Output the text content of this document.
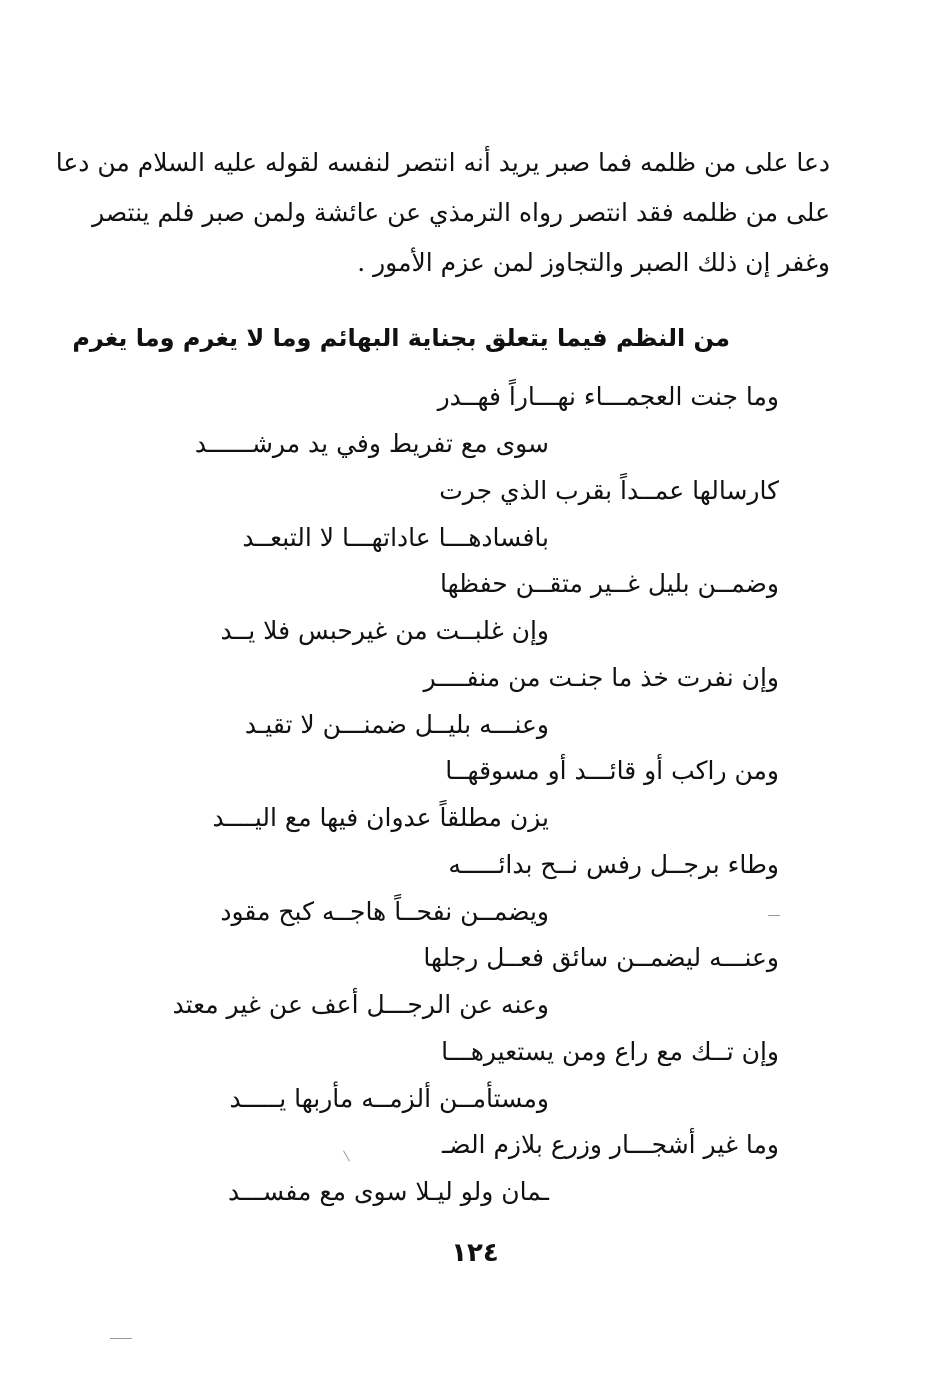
دعا على من ظلمه فما صبر يريد أنه انتصر لنفسه لقوله عليه السلام من دعا
على من ظلمه فقد انتصر رواه الترمذي عن عائشة ولمن صبر فلم ينتصر
وغفر إن ذلك الصبر والتجاوز لمن عزم الأمور .
من النظم فيما يتعلق بجناية البهائم وما لا يغرم وما يغرم
وما جنت العجمـــاء نهـــاراً فهــدر
سوى مع تفريط وفي يد مرشــــــد
كارسالها عمــداً بقرب الذي جرت
بافسادهـــا عاداتهـــا لا التبعــد
وضمــن بليل غــير متقــن حفظها
وإن غلبــت من غيرحبس فلا يــد
وإن نفرت خذ ما جنـت من منفــــر
وعنـــه بليــل ضمنـــن لا تقيـد
ومن راكب أو قائـــد أو مسوقهــا
يزن مطلقاً عدوان فيها مع اليــــد
وطاء برجــل رفس نــح بدائـــــه
ويضمــن نفحــاً هاجــه كبح مقود
وعنـــه ليضمــن سائق فعــل رجلها
وعنه عن الرجـــل أعف عن غير معتد
وإن تــك مع راع ومن يستعيرهـــا
ومستأمــن ألزمــه مأربها يـــــد
وما غير أشجـــار وزرع بلازم الضـ
ـمان ولو ليـلا سوى مع مفســـد
١٢٤
